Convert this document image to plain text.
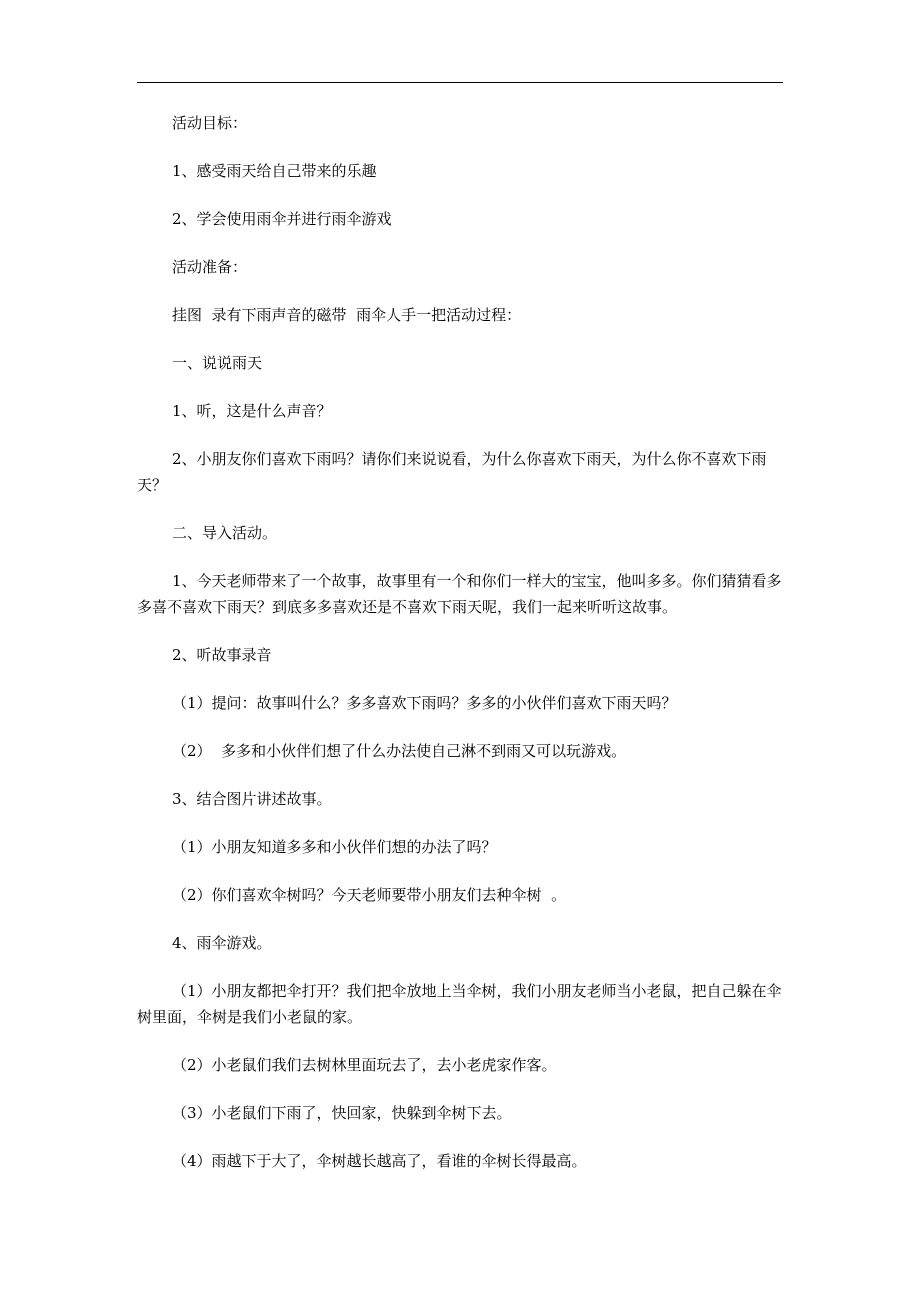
活动目标：

1、感受雨天给自己带来的乐趣

2、学会使用雨伞并进行雨伞游戏

活动准备：

挂图  录有下雨声音的磁带  雨伞人手一把活动过程：

一、说说雨天

1、听，这是什么声音？

2、小朋友你们喜欢下雨吗？请你们来说说看，为什么你喜欢下雨天，为什么你不喜欢下雨天？

二、导入活动。

1、今天老师带来了一个故事，故事里有一个和你们一样大的宝宝，他叫多多。你们猜猜看多多喜不喜欢下雨天？到底多多喜欢还是不喜欢下雨天呢，我们一起来听听这故事。

2、听故事录音

（1）提问：故事叫什么？多多喜欢下雨吗？多多的小伙伴们喜欢下雨天吗？

（2）  多多和小伙伴们想了什么办法使自己淋不到雨又可以玩游戏。

3、结合图片讲述故事。

（1）小朋友知道多多和小伙伴们想的办法了吗？

（2）你们喜欢伞树吗？今天老师要带小朋友们去种伞树  。

4、雨伞游戏。

（1）小朋友都把伞打开？我们把伞放地上当伞树，我们小朋友老师当小老鼠，把自己躲在伞树里面，伞树是我们小老鼠的家。

（2）小老鼠们我们去树林里面玩去了，去小老虎家作客。

（3）小老鼠们下雨了，快回家，快躲到伞树下去。

（4）雨越下于大了，伞树越长越高了，看谁的伞树长得最高。
